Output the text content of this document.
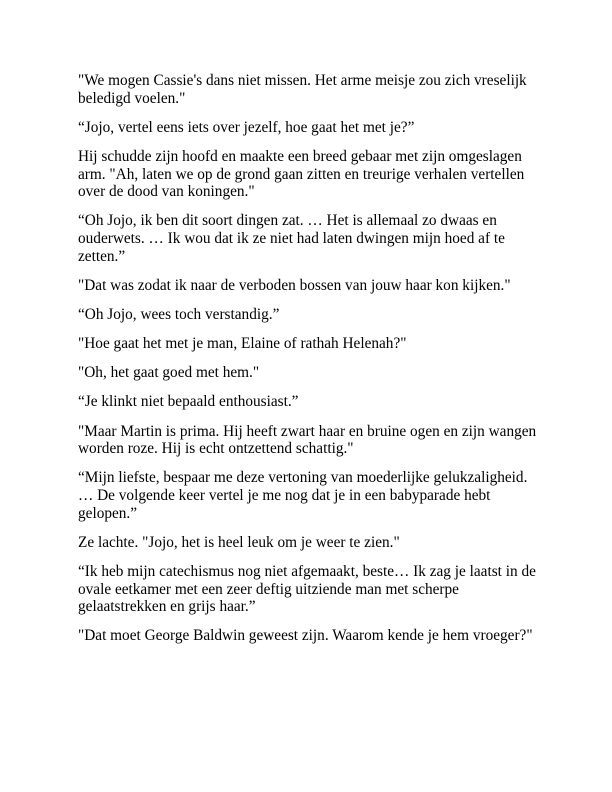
"We mogen Cassie's dans niet missen. Het arme meisje zou zich vreselijk beledigd voelen."

“Jojo, vertel eens iets over jezelf, hoe gaat het met je?”

Hij schudde zijn hoofd en maakte een breed gebaar met zijn omgeslagen arm. "Ah, laten we op de grond gaan zitten en treurige verhalen vertellen over de dood van koningen."

“Oh Jojo, ik ben dit soort dingen zat. … Het is allemaal zo dwaas en ouderwets. … Ik wou dat ik ze niet had laten dwingen mijn hoed af te zetten.”

"Dat was zodat ik naar de verboden bossen van jouw haar kon kijken."

“Oh Jojo, wees toch verstandig.”

"Hoe gaat het met je man, Elaine of rathah Helenah?"

"Oh, het gaat goed met hem."

“Je klinkt niet bepaald enthousiast.”

"Maar Martin is prima. Hij heeft zwart haar en bruine ogen en zijn wangen worden roze. Hij is echt ontzettend schattig."

“Mijn liefste, bespaar me deze vertoning van moederlijke gelukzaligheid. … De volgende keer vertel je me nog dat je in een babyparade hebt gelopen.”

Ze lachte. "Jojo, het is heel leuk om je weer te zien."

“Ik heb mijn catechismus nog niet afgemaakt, beste… Ik zag je laatst in de ovale eetkamer met een zeer deftig uitziende man met scherpe gelaatstrekken en grijs haar.”

"Dat moet George Baldwin geweest zijn. Waarom kende je hem vroeger?"
